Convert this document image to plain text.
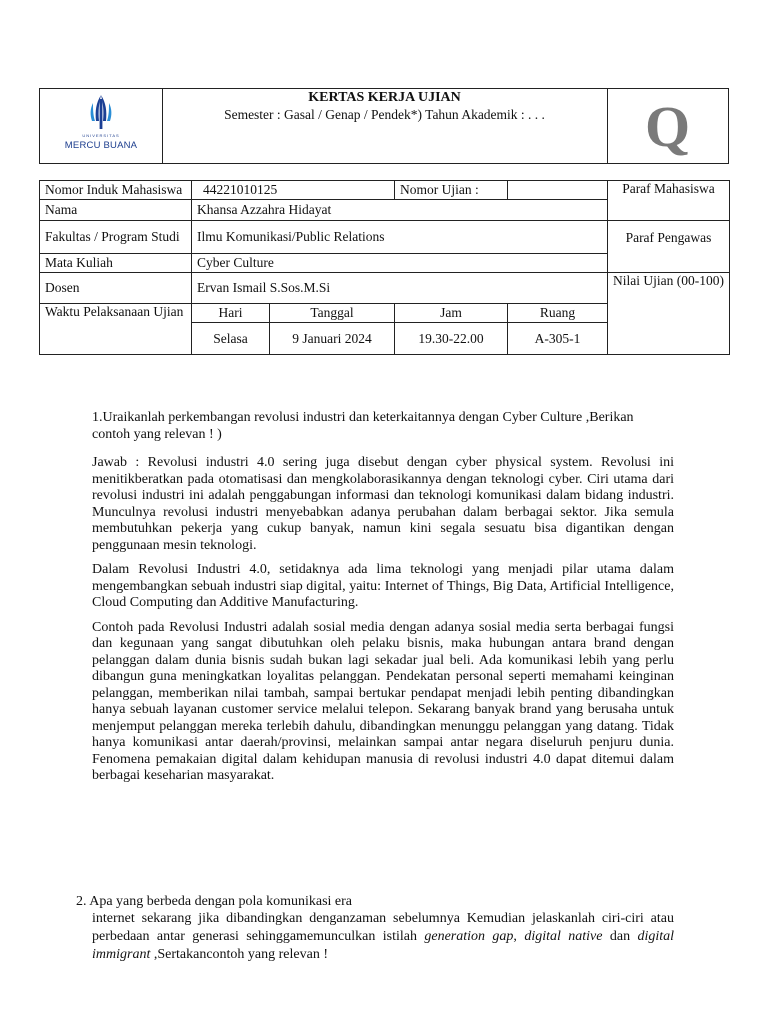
UNIVERSITAS
MERCU BUANA
KERTAS KERJA UJIAN
Semester : Gasal / Genap / Pendek*) Tahun Akademik : . . .	Q
Nomor Induk Mahasiswa	44221010125		Nomor Ujian :		Paraf Mahasiswa
Nama	Khansa Azzahra Hidayat				
Fakultas / Program Studi	Ilmu Komunikasi/Public Relations				Paraf Pengawas
Mata Kuliah	Cyber Culture				
Dosen	Ervan Ismail S.Sos.M.Si				Nilai Ujian (00-100)
Waktu Pelaksanaan Ujian	Hari	Tanggal	Jam	Ruang	
	Selasa	9 Januari 2024	19.30-22.00	A-305-1	
1.Uraikanlah perkembangan revolusi industri dan keterkaitannya dengan Cyber Culture ,Berikan contoh yang relevan ! )

Jawab : Revolusi industri 4.0 sering juga disebut dengan cyber physical system. Revolusi ini menitikberatkan pada otomatisasi dan mengkolaborasikannya dengan teknologi cyber. Ciri utama dari revolusi industri ini adalah penggabungan informasi dan teknologi komunikasi dalam bidang industri. Munculnya revolusi industri menyebabkan adanya perubahan dalam berbagai sektor. Jika semula membutuhkan pekerja yang cukup banyak, namun kini segala sesuatu bisa digantikan dengan penggunaan mesin teknologi.

Dalam Revolusi Industri 4.0, setidaknya ada lima teknologi yang menjadi pilar utama dalam mengembangkan sebuah industri siap digital, yaitu: Internet of Things, Big Data, Artificial Intelligence, Cloud Computing dan Additive Manufacturing.

Contoh pada Revolusi Industri adalah sosial media dengan adanya sosial media serta berbagai fungsi dan kegunaan yang sangat dibutuhkan oleh pelaku bisnis, maka hubungan antara brand dengan pelanggan dalam dunia bisnis sudah bukan lagi sekadar jual beli. Ada komunikasi lebih yang perlu dibangun guna meningkatkan loyalitas pelanggan. Pendekatan personal seperti memahami keinginan pelanggan, memberikan nilai tambah, sampai bertukar pendapat menjadi lebih penting dibandingkan hanya sebuah layanan customer service melalui telepon. Sekarang banyak brand yang berusaha untuk menjemput pelanggan mereka terlebih dahulu, dibandingkan menunggu pelanggan yang datang. Tidak hanya komunikasi antar daerah/provinsi, melainkan sampai antar negara diseluruh penjuru dunia. Fenomena pemakaian digital dalam kehidupan manusia di revolusi industri 4.0 dapat ditemui dalam berbagai keseharian masyarakat.

2. Apa yang berbeda dengan pola komunikasi era
internet sekarang jika dibandingkan denganzaman sebelumnya Kemudian jelaskanlah ciri-ciri atau perbedaan antar generasi sehinggamemunculkan istilah generation gap, digital native dan digital immigrant ,Sertakancontoh yang relevan !
